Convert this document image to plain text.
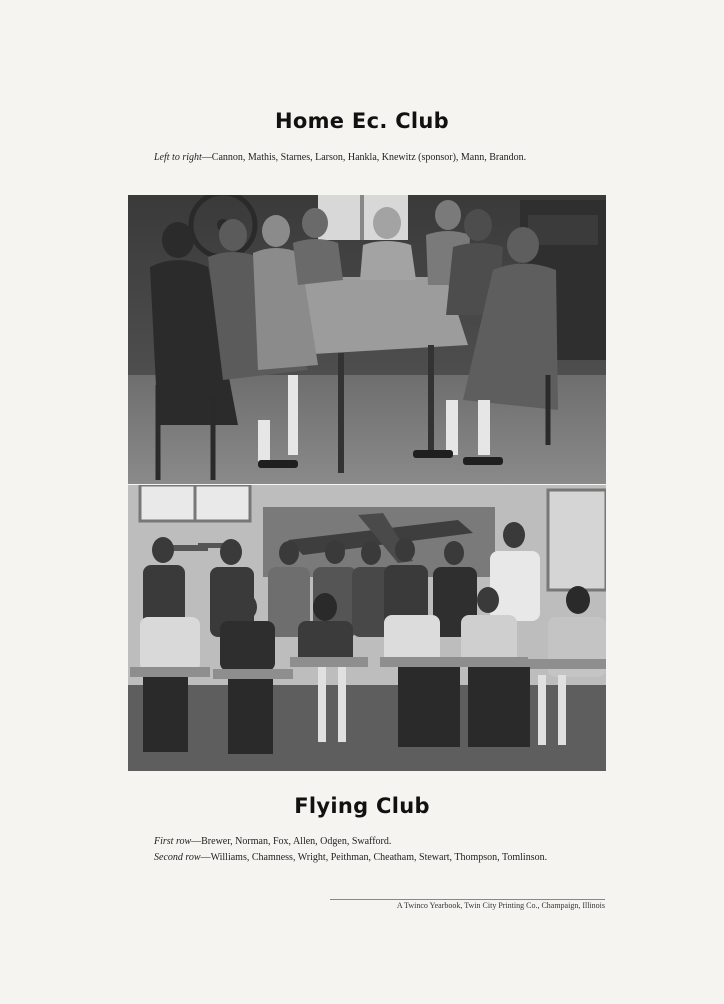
Home Ec. Club

Left to right—Cannon, Mathis, Starnes, Larson, Hankla, Knewitz (sponsor), Mann, Brandon.

Flying Club

First row—Brewer, Norman, Fox, Allen, Odgen, Swafford.

Second row—Williams, Chamness, Wright, Peithman, Cheatham, Stewart, Thompson, Tomlinson.

A Twinco Yearbook, Twin City Printing Co., Champaign, Illinois
